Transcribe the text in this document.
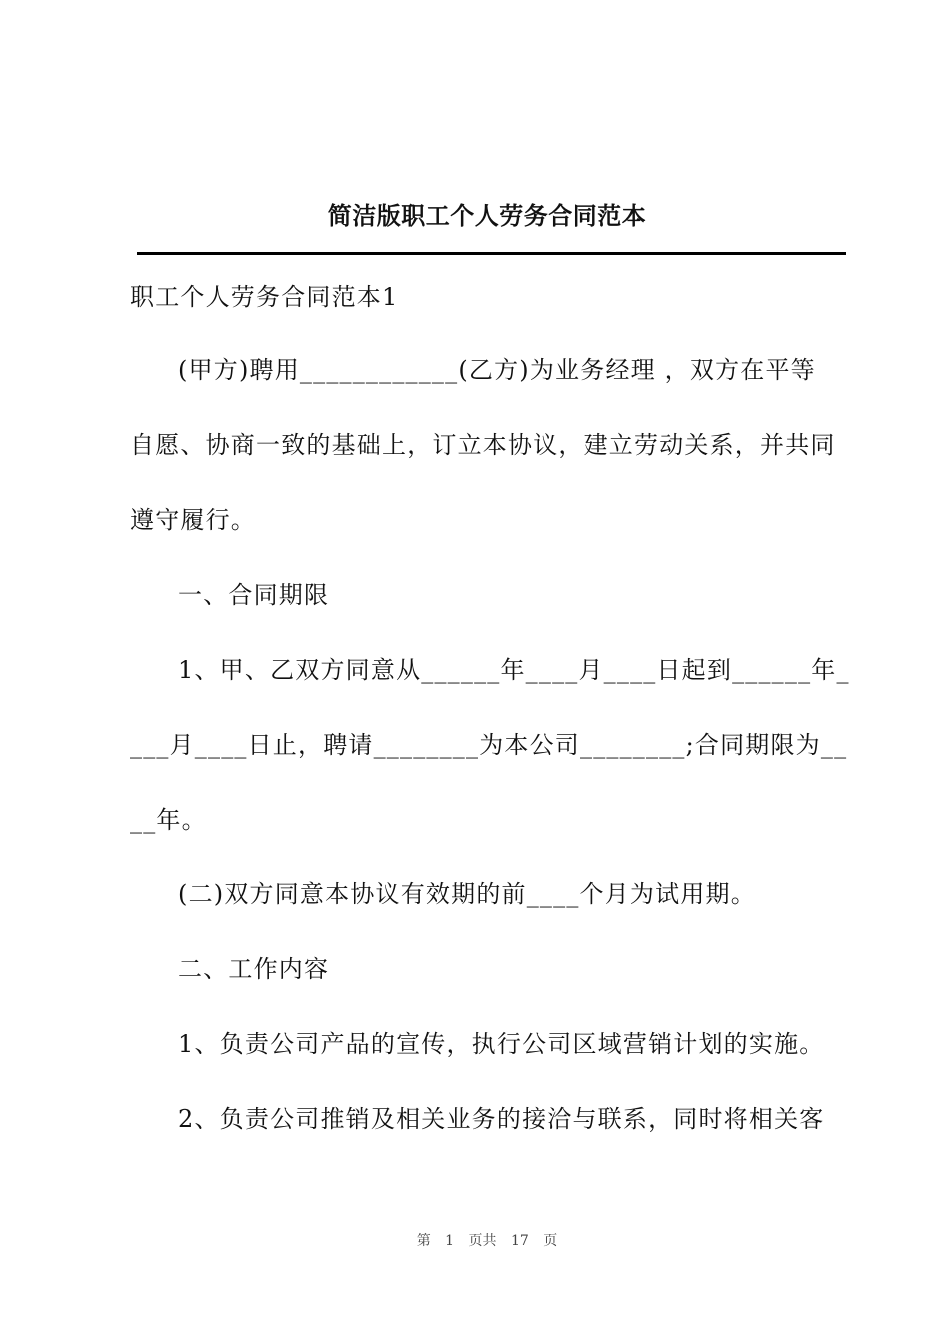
简洁版职工个人劳务合同范本
职工个人劳务合同范本1
(甲方)聘用____________(乙方)为业务经理 ，双方在平等
自愿、协商一致的基础上，订立本协议，建立劳动关系，并共同
遵守履行。
一、合同期限
1、甲、乙双方同意从______年____月____日起到______年_
___月____日止，聘请________为本公司________;合同期限为__
__年。
(二)双方同意本协议有效期的前____个月为试用期。
二、工作内容
1、负责公司产品的宣传，执行公司区域营销计划的实施。
2、负责公司推销及相关业务的接洽与联系，同时将相关客
第 1 页共 17 页
